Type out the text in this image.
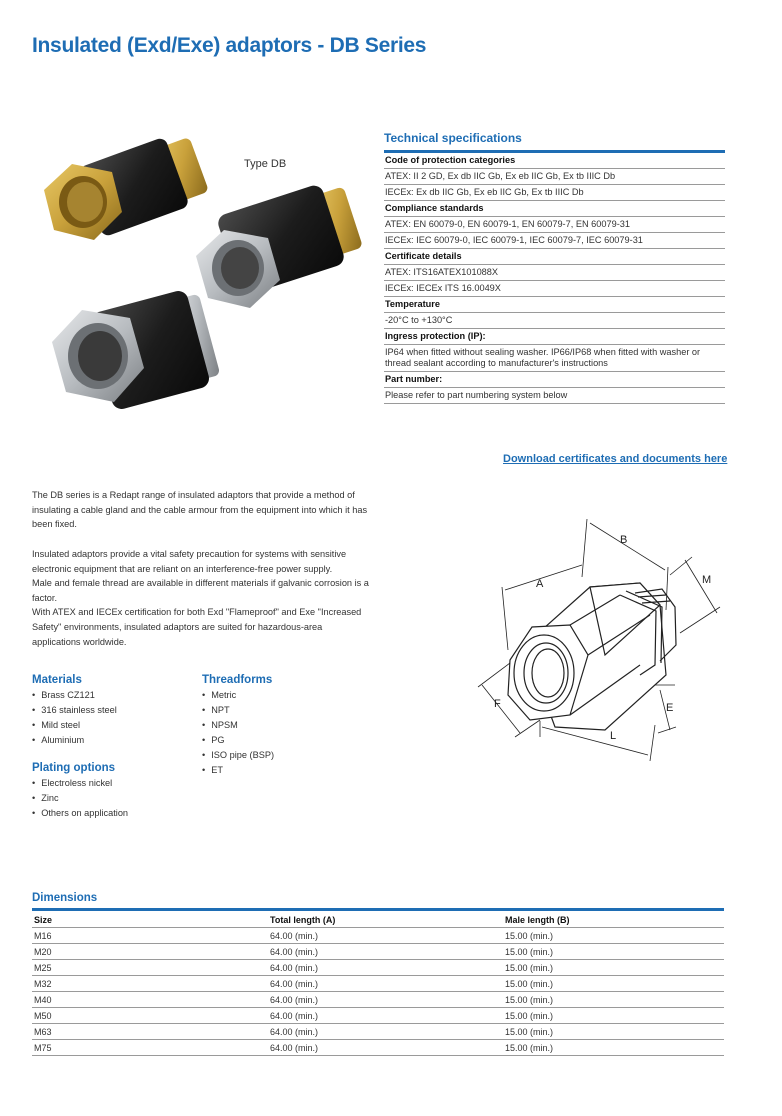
Insulated (Exd/Exe) adaptors - DB Series
Type DB
Technical specifications
Code of protection categories
ATEX: II 2 GD, Ex db IIC Gb, Ex eb IIC Gb, Ex tb IIIC Db
IECEx: Ex db IIC Gb, Ex eb IIC Gb, Ex tb IIIC Db
Compliance standards
ATEX: EN 60079-0, EN 60079-1, EN 60079-7, EN 60079-31
IECEx: IEC 60079-0, IEC 60079-1, IEC 60079-7, IEC 60079-31
Certificate details
ATEX: ITS16ATEX101088X
IECEx: IECEx ITS 16.0049X
Temperature
-20°C to +130°C
Ingress protection (IP):
IP64 when fitted without sealing washer. IP66/IP68 when fitted with washer or thread sealant according to manufacturer's instructions
Part number:
Please refer to part numbering system below
Download certificates and documents here
The DB series is a Redapt range of insulated adaptors that provide a method of insulating a cable gland and the cable armour from the equipment into which it has been fixed.
Insulated adaptors provide a vital safety precaution for systems with sensitive electronic equipment that are reliant on an interference-free power supply.
Male and female thread are available in different materials if galvanic corrosion is a factor.
With ATEX and IECEx certification for both Exd "Flameproof" and Exe "Increased Safety" environments, insulated adaptors are suited for hazardous-area applications worldwide.
Materials
• Brass CZ121
• 316 stainless steel
• Mild steel
• Aluminium
Plating options
• Electroless nickel
• Zinc
• Others on application
Threadforms
• Metric
• NPT
• NPSM
• PG
• ISO pipe (BSP)
• ET
B
A	M
F
L
E
Dimensions
Size	Total length (A)	Male length (B)
M16	64.00 (min.)	15.00 (min.)
M20	64.00 (min.)	15.00 (min.)
M25	64.00 (min.)	15.00 (min.)
M32	64.00 (min.)	15.00 (min.)
M40	64.00 (min.)	15.00 (min.)
M50	64.00 (min.)	15.00 (min.)
M63	64.00 (min.)	15.00 (min.)
M75	64.00 (min.)	15.00 (min.)
